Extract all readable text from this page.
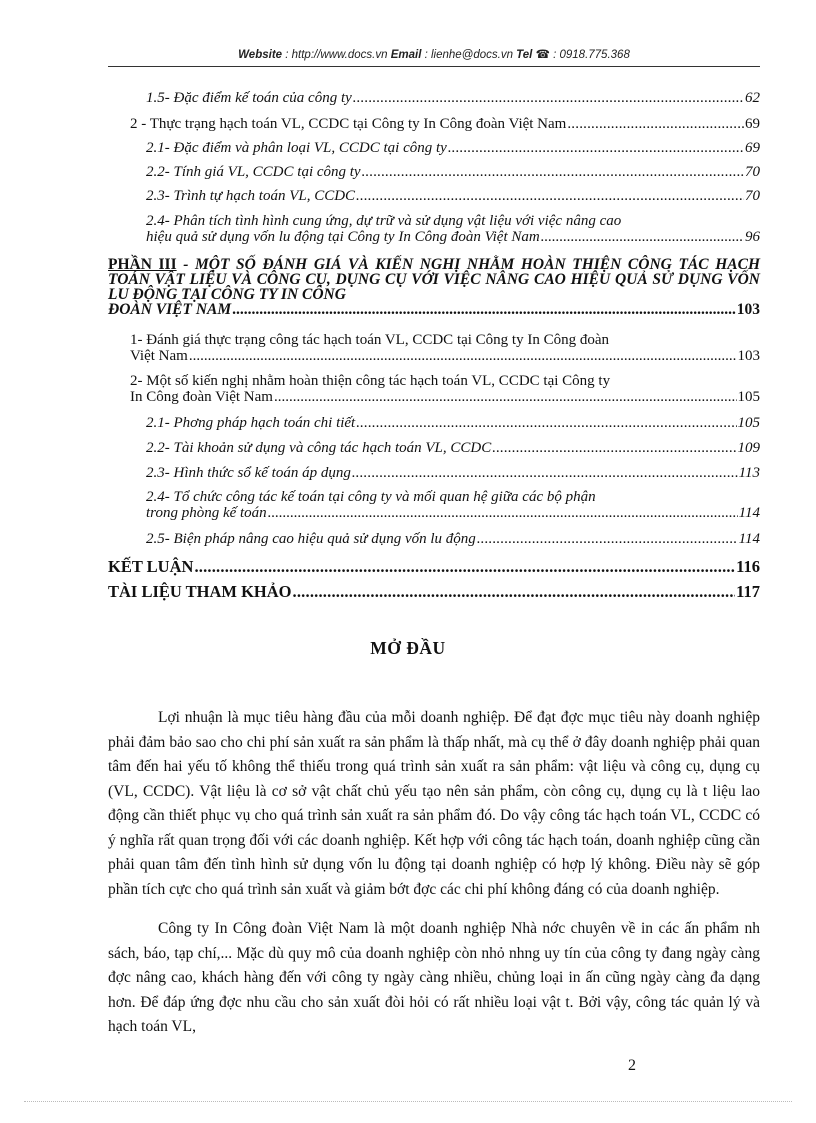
Website : http://www.docs.vn Email : lienhe@docs.vn Tel ☎ : 0918.775.368
1.5- Đặc điểm kế toán của công ty .....	62
2 - Thực trạng hạch toán VL, CCDC tại Công ty In Công đoàn Việt Nam .....	69
2.1- Đặc điểm và phân loại VL, CCDC tại công ty .....	69
2.2- Tính giá VL, CCDC tại công ty .....	70
2.3- Trình tự hạch toán VL, CCDC .....	70
2.4- Phân tích tình hình cung ứng, dự trữ và sử dụng vật liệu với việc nâng cao
hiệu quả sử dụng vốn lu động tại Công ty In Công đoàn Việt Nam .....	96
PHẦN III - MỘT SỐ ĐÁNH GIÁ VÀ KIẾN NGHỊ NHẰM HOÀN THIỆN CÔNG TÁC HẠCH TOÁN VẬT LIỆU VÀ CÔNG CỤ, DỤNG CỤ VỚI VIỆC NÂNG CAO HIỆU QUẢ SỬ DỤNG VỐN LU ĐỘNG TẠI CÔNG TY IN CÔNG
ĐOÀN VIỆT NAM .....	103
1- Đánh giá thực trạng công tác hạch toán VL, CCDC tại Công ty In Công đoàn
Việt Nam .....	103
2- Một số kiến nghị nhằm hoàn thiện công tác hạch toán VL, CCDC tại Công ty
In Công đoàn Việt Nam .....	105
2.1- Phơng pháp hạch toán chi tiết .....	105
2.2- Tài khoản sử dụng và công tác hạch toán VL, CCDC .....	109
2.3- Hình thức sổ kế toán áp dụng .....	113
2.4- Tổ chức công tác kế toán tại công ty và mối quan hệ giữa các bộ phận
trong phòng kế toán .....	114
2.5- Biện pháp nâng cao hiệu quả sử dụng vốn lu động .....	114
KẾT LUẬN .....	116
TÀI LIỆU THAM KHẢO .....	117
MỞ ĐẦU

Lợi nhuận là mục tiêu hàng đầu của mỗi doanh nghiệp. Để đạt đợc mục tiêu này doanh nghiệp phải đảm bảo sao cho chi phí sản xuất ra sản phẩm là thấp nhất, mà cụ thể ở đây doanh nghiệp phải quan tâm đến hai yếu tố không thể thiếu trong quá trình sản xuất ra sản phẩm: vật liệu và công cụ, dụng cụ (VL, CCDC). Vật liệu là cơ sở vật chất chủ yếu tạo nên sản phẩm, còn công cụ, dụng cụ là t liệu lao động cần thiết phục vụ cho quá trình sản xuất ra sản phẩm đó. Do vậy công tác hạch toán VL, CCDC có ý nghĩa rất quan trọng đối với các doanh nghiệp. Kết hợp với công tác hạch toán, doanh nghiệp cũng cần phải quan tâm đến tình hình sử dụng vốn lu động tại doanh nghiệp có hợp lý không. Điều này sẽ góp phần tích cực cho quá trình sản xuất và giảm bớt đợc các chi phí không đáng có của doanh nghiệp.

Công ty In Công đoàn Việt Nam là một doanh nghiệp Nhà nớc chuyên về in các ấn phẩm nh sách, báo, tạp chí,... Mặc dù quy mô của doanh nghiệp còn nhỏ nhng uy tín của công ty đang ngày càng đợc nâng cao, khách hàng đến với công ty ngày càng nhiều, chủng loại in ấn cũng ngày càng đa dạng hơn. Để đáp ứng đợc nhu cầu cho sản xuất đòi hỏi có rất nhiều loại vật t. Bởi vậy, công tác quản lý và hạch toán VL,

2
